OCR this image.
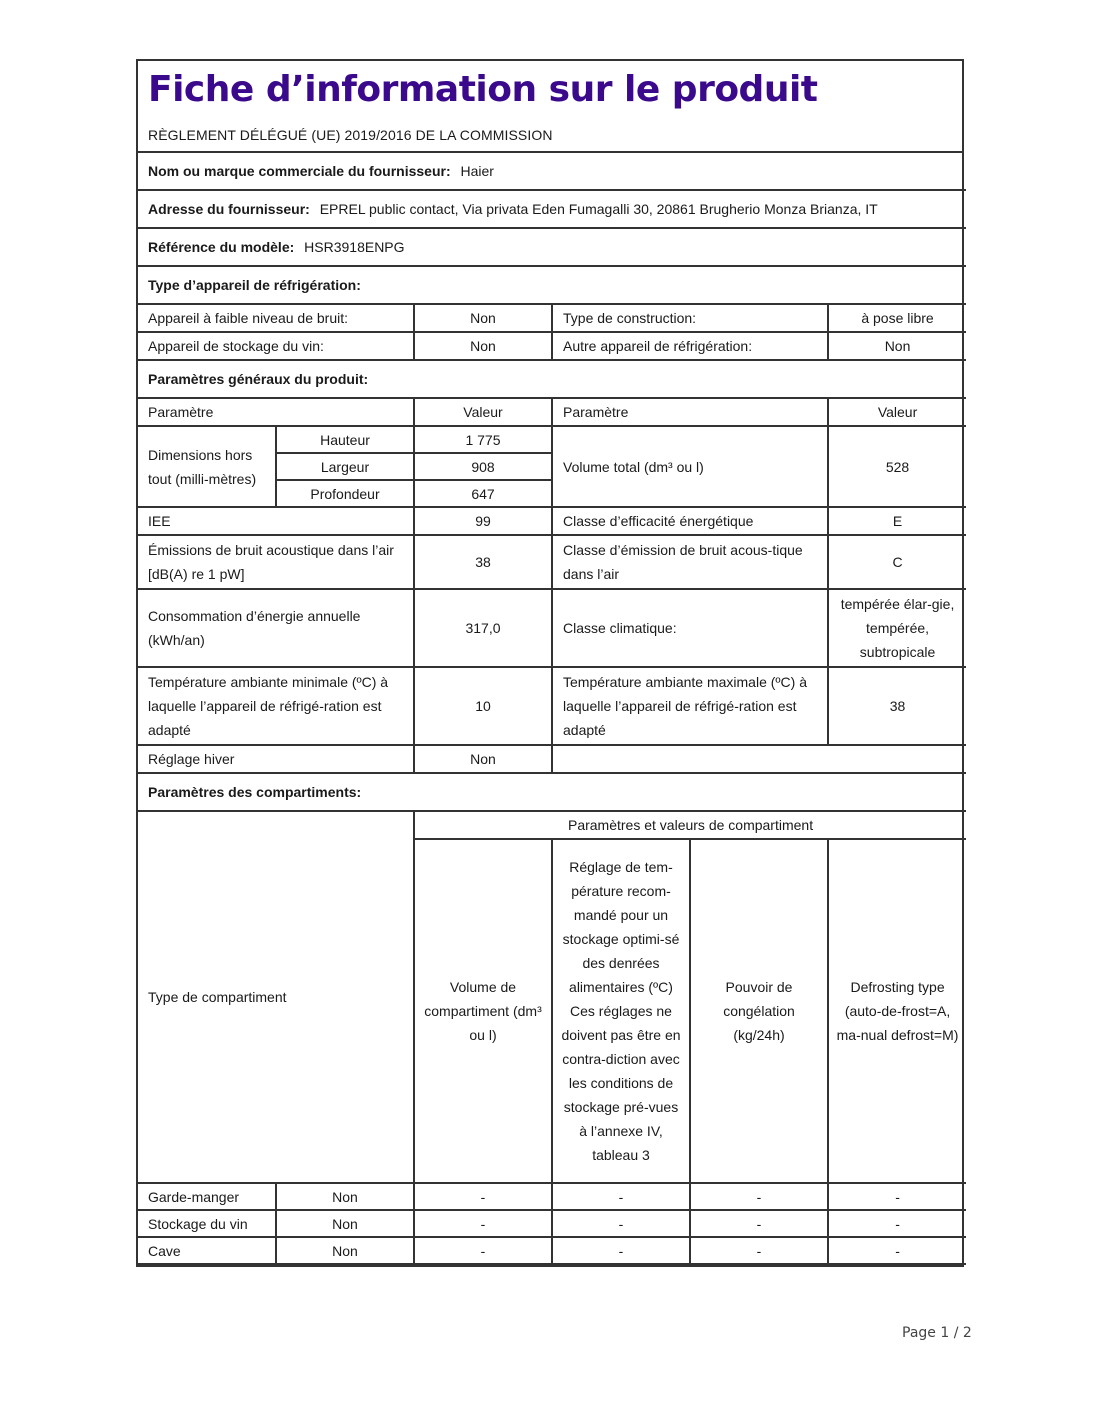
Fiche d’information sur le produit
RÈGLEMENT DÉLÉGUÉ (UE) 2019/2016 DE LA COMMISSION
Nom ou marque commerciale du fournisseur: Haier					
Adresse du fournisseur: EPREL public contact, Via privata Eden Fumagalli 30, 20861 Brugherio Monza Brianza, IT					
Référence du modèle: HSR3918ENPG					
Type d’appareil de réfrigération:					
Appareil à faible niveau de bruit:		Non	Type de construction:		à pose libre
Appareil de stockage du vin:		Non	Autre appareil de réfrigération:		Non
Paramètres généraux du produit:					
Paramètre		Valeur	Paramètre		Valeur
Dimensions hors tout (milli-mètres)	Hauteur	1 775	Volume total (dm³ ou l)		528
	Largeur	908			
	Profondeur	647			
IEE		99	Classe d’efficacité énergétique		E
Émissions de bruit acoustique dans l’air [dB(A) re 1 pW]		38	Classe d’émission de bruit acous-tique dans l’air		C
Consommation d’énergie annuelle (kWh/an)		317,0	Classe climatique:		tempérée élar-gie, tempérée, subtropicale
Température ambiante minimale (ºC) à laquelle l’appareil de réfrigé-ration est adapté		10	Température ambiante maximale (ºC) à laquelle l’appareil de réfrigé-ration est adapté		38
Réglage hiver		Non			
Paramètres des compartiments:					
Type de compartiment		Paramètres et valeurs de compartiment			
		Volume de compartiment (dm³ ou l)	Réglage de tem-pérature recom-mandé pour un stockage optimi-sé des denrées alimentaires (ºC) Ces réglages ne doivent pas être en contra-diction avec les conditions de stockage pré-vues à l’annexe IV, tableau 3	Pouvoir de congélation (kg/24h)	Defrosting type (auto-de-frost=A, ma-nual defrost=M)
Garde-manger	Non	-	-	-	-
Stockage du vin	Non	-	-	-	-
Cave	Non	-	-	-	-
Page 1 / 2
